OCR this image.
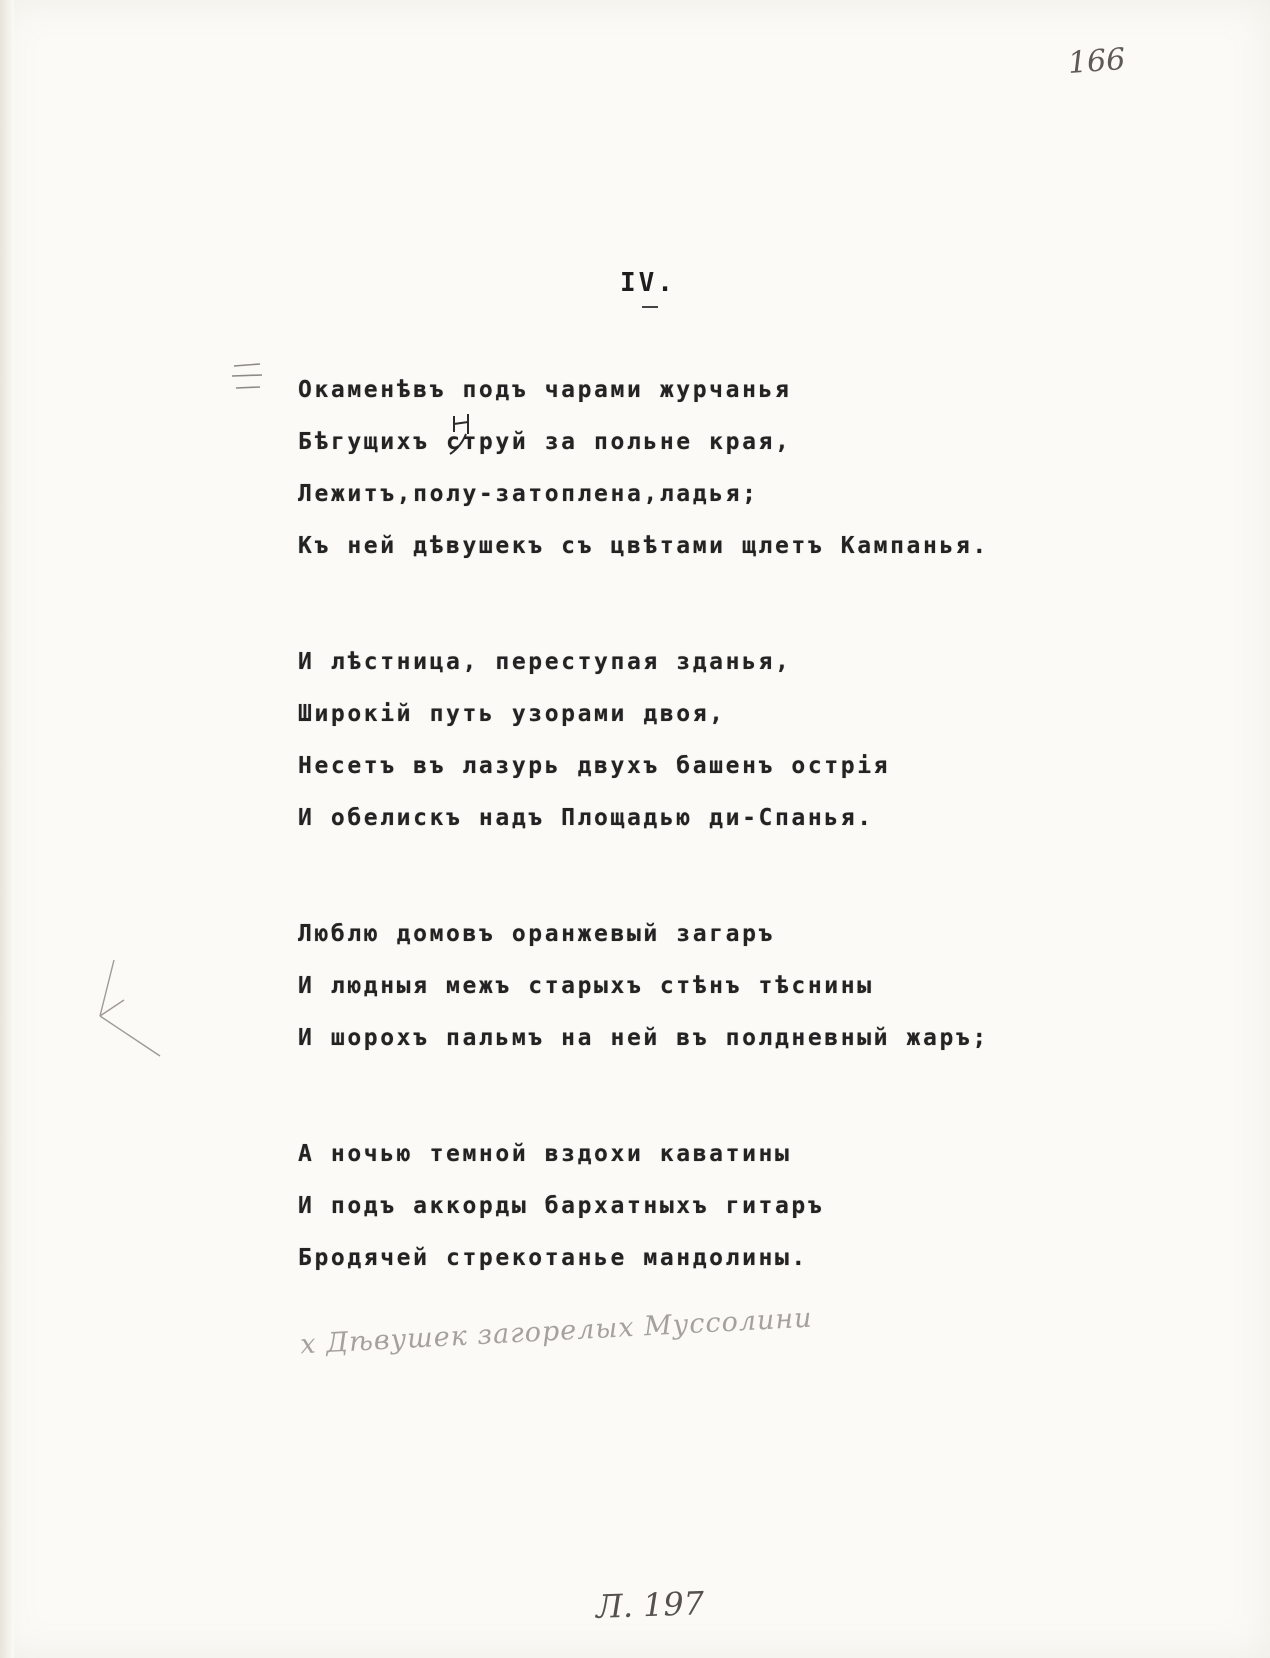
166
IV.
Окаменѣвъ подъ чарами журчанья
Бѣгущихъ струй за польне края,
Лежитъ,полу-затоплена,ладья;
Къ ней дѣвушекъ съ цвѣтами щлетъ Кампанья.
И лѣстница, переступая зданья,
Широкій путь узорами двоя,
Несетъ въ лазурь двухъ башенъ острія
И обелискъ надъ Площадью ди-Спанья.
Люблю домовъ оранжевый загаръ
И людныя межъ старыхъ стѣнъ тѣснины
И шорохъ пальмъ на ней въ полдневный жаръ;
А ночью темной вздохи каватины
И подъ аккорды бархатныхъ гитаръ
Бродячей стрекотанье мандолины.
х Дѣвушек загорелых Муссолини
Л. 197
